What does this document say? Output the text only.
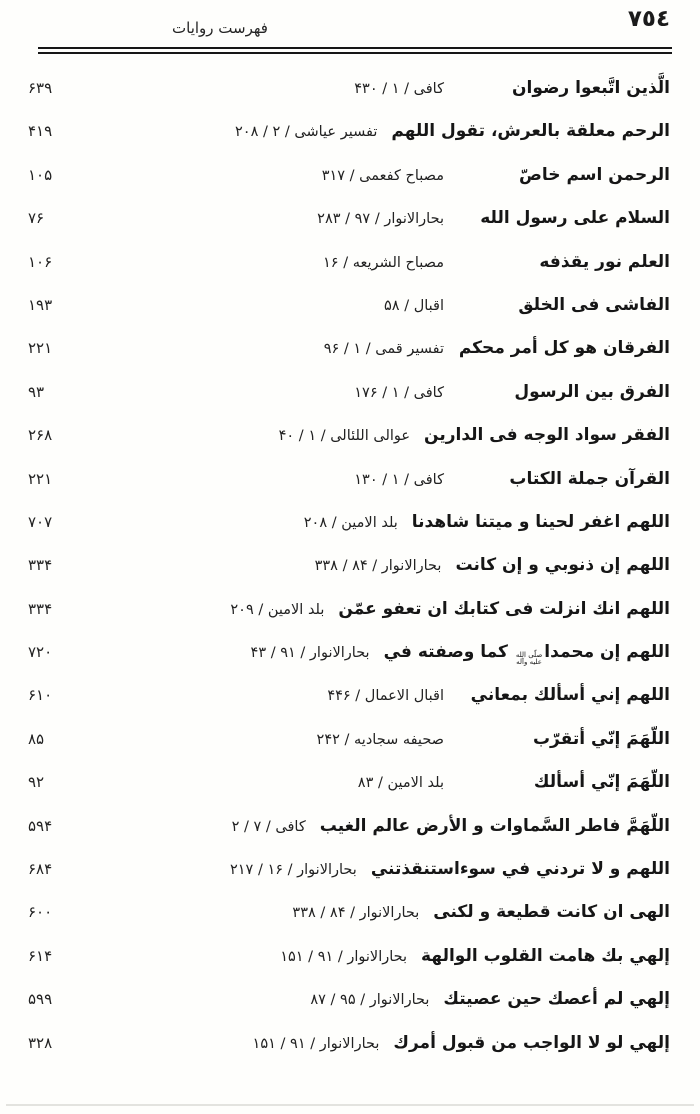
٧٥٤
فهرست روايات
الَّذين اتَّبعوا رضوان
كافى / ۱ / ۴۳۰
۶۳۹
الرحم معلقة بالعرش، تقول اللهم
تفسير عياشى / ۲ / ۲۰۸
۴۱۹
الرحمن اسم خاصّ
مصباح كفعمى / ۳۱۷
۱۰۵
السلام على رسول الله
بحارالانوار / ۹۷ / ۲۸۳
۷۶
العلم نور يقذفه
مصباح الشريعه / ۱۶
۱۰۶
الفاشى فى الخلق
اقبال / ۵۸
۱۹۳
الفرقان هو كل أمر محكم
تفسير قمى / ۱ / ۹۶
۲۲۱
الفرق بين الرسول
كافى / ۱ / ۱۷۶
۹۳
الفقر سواد الوجه فى الدارين
عوالى اللئالى / ۱ / ۴۰
۲۶۸
القرآن جملة الكتاب
كافى / ۱ / ۱۳۰
۲۲۱
اللهم اغفر لحينا و ميتنا شاهدنا
بلد الامين / ۲۰۸
۷۰۷
اللهم إن ذنوبي و إن كانت
بحارالانوار / ۸۴ / ۳۳۸
۳۳۴
اللهم انك انزلت فى كتابك ان تعفو عمّن
بلد الامين / ۲۰۹
۳۳۴
اللهم إن محمدا
صلّى الله
عليه وآله
كما وصفته في
بحارالانوار / ۹۱ / ۴۳
۷۲۰
اللهم إني أسألك بمعاني
اقبال الاعمال / ۴۴۶
۶۱۰
اللّهَمَ إنّي أتقرّب
صحيفه سجاديه / ۲۴۲
۸۵
اللّهَمَ إنّي أسألك
بلد الامين / ۸۳
۹۲
اللّهَمَّ فاطر السَّماوات و الأرض عالم الغيب
كافى / ۷ / ۲
۵۹۴
اللهم و لا تردني في سوءاستنقذتني
بحارالانوار / ۱۶ / ۲۱۷
۶۸۴
الهى ان كانت قطيعة و لكنى
بحارالانوار / ۸۴ / ۳۳۸
۶۰۰
إلهي بك هامت القلوب الوالهة
بحارالانوار / ۹۱ / ۱۵۱
۶۱۴
إلهي لم أعصك حين عصيتك
بحارالانوار / ۹۵ / ۸۷
۵۹۹
إلهي لو لا الواجب من قبول أمرك
بحارالانوار / ۹۱ / ۱۵۱
۳۲۸
